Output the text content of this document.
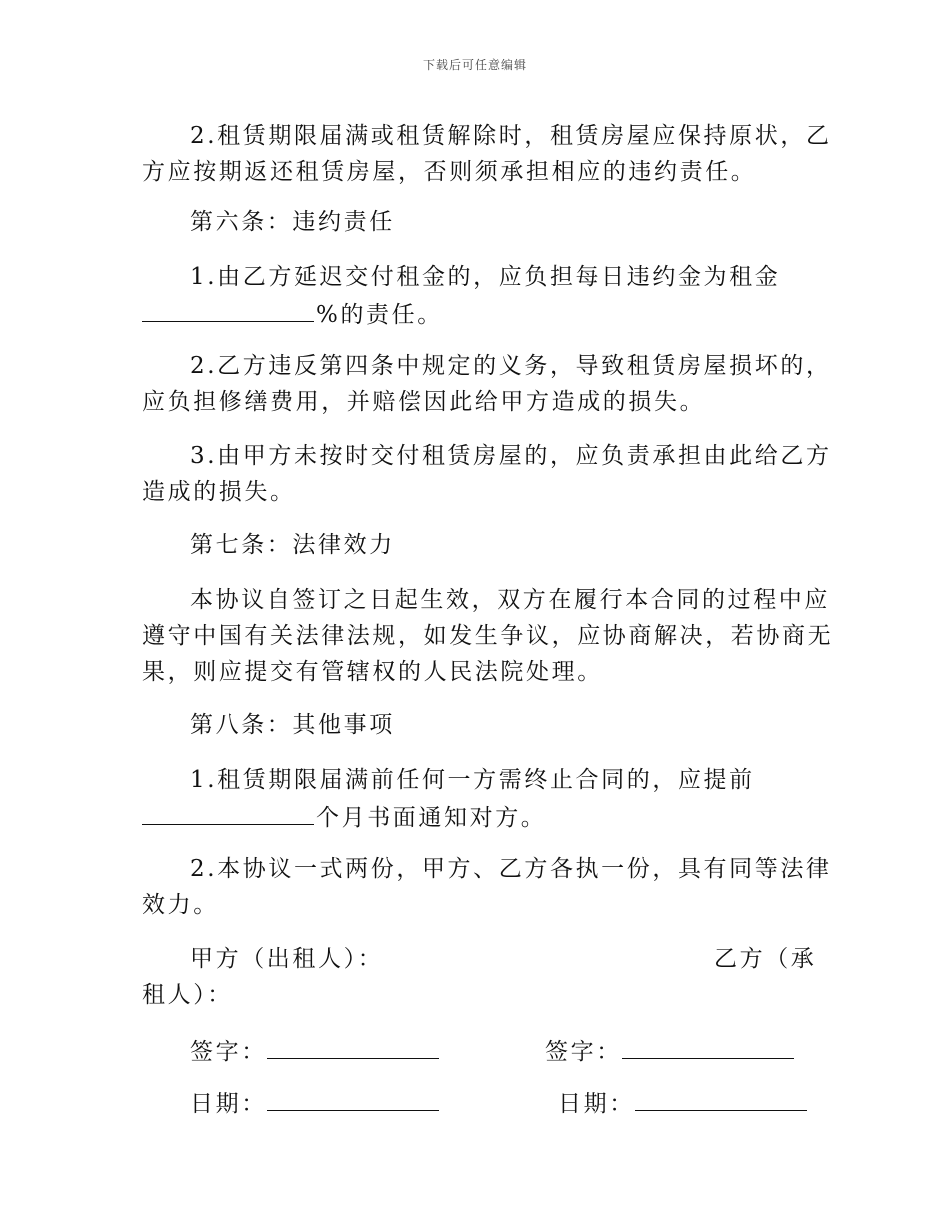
下载后可任意编辑
2.租赁期限届满或租赁解除时，租赁房屋应保持原状，乙
方应按期返还租赁房屋，否则须承担相应的违约责任。
第六条：违约责任
1.由乙方延迟交付租金的，应负担每日违约金为租金
%的责任。
2.乙方违反第四条中规定的义务，导致租赁房屋损坏的，
应负担修缮费用，并赔偿因此给甲方造成的损失。
3.由甲方未按时交付租赁房屋的，应负责承担由此给乙方
造成的损失。
第七条：法律效力
本协议自签订之日起生效，双方在履行本合同的过程中应
遵守中国有关法律法规，如发生争议，应协商解决，若协商无
果，则应提交有管辖权的人民法院处理。
第八条：其他事项
1.租赁期限届满前任何一方需终止合同的，应提前
个月书面通知对方。
2.本协议一式两份，甲方、乙方各执一份，具有同等法律
效力。
甲方（出租人）：	乙方（承
租人）：
签字：	签字：
日期：	日期：
